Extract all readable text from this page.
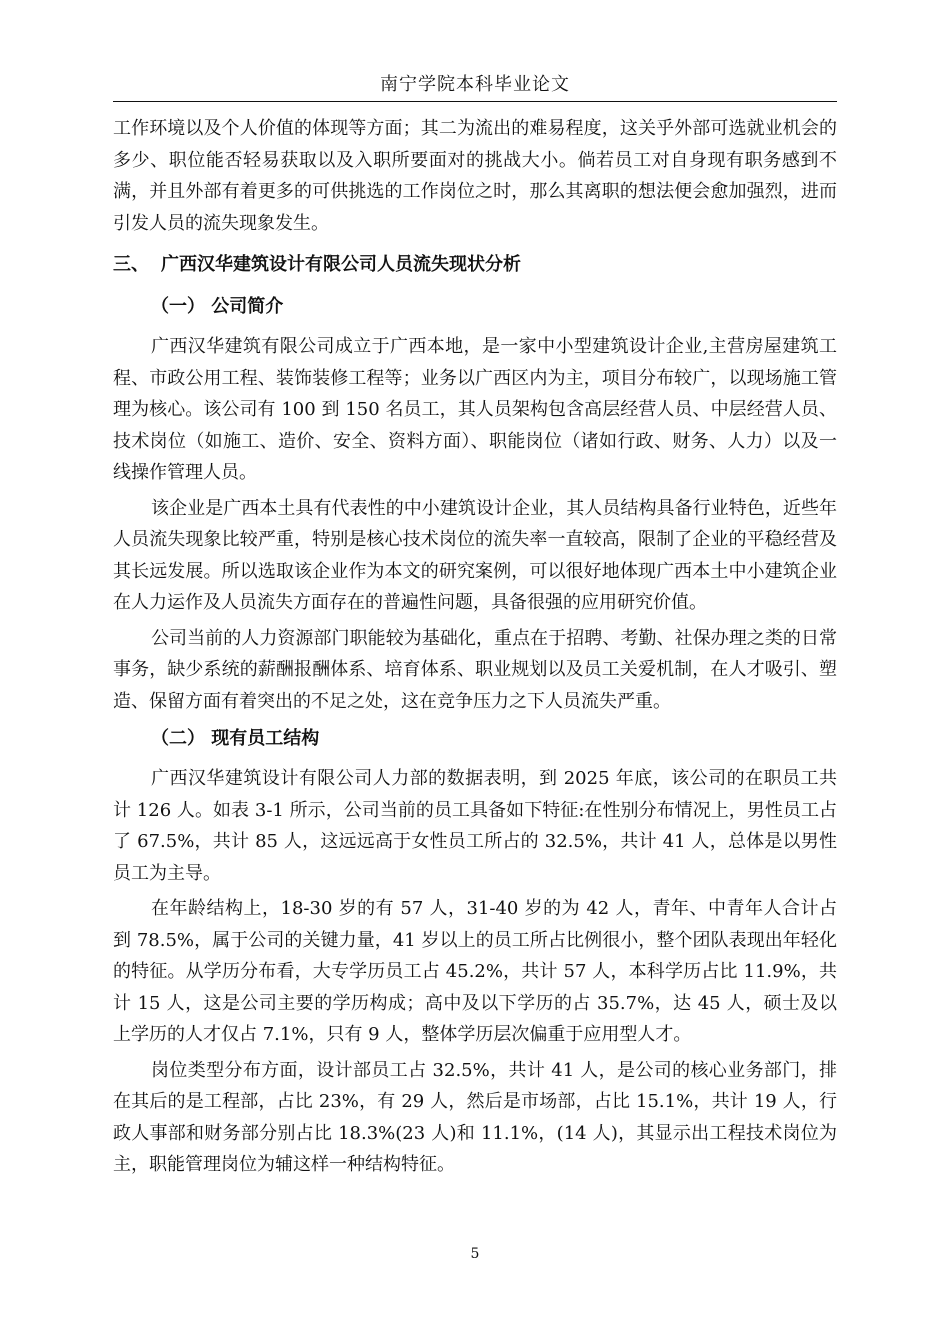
南宁学院本科毕业论文

工作环境以及个人价值的体现等方面；其二为流出的难易程度，这关乎外部可选就业机会的多少、职位能否轻易获取以及入职所要面对的挑战大小。倘若员工对自身现有职务感到不满，并且外部有着更多的可供挑选的工作岗位之时，那么其离职的想法便会愈加强烈，进而引发人员的流失现象发生。

三、 广西汉华建筑设计有限公司人员流失现状分析
（一） 公司简介

广西汉华建筑有限公司成立于广西本地，是一家中小型建筑设计企业,主营房屋建筑工程、市政公用工程、装饰装修工程等；业务以广西区内为主，项目分布较广，以现场施工管理为核心。该公司有 100 到 150 名员工，其人员架构包含高层经营人员、中层经营人员、技术岗位（如施工、造价、安全、资料方面）、职能岗位（诸如行政、财务、人力）以及一线操作管理人员。

该企业是广西本土具有代表性的中小建筑设计企业，其人员结构具备行业特色，近些年人员流失现象比较严重，特别是核心技术岗位的流失率一直较高，限制了企业的平稳经营及其长远发展。所以选取该企业作为本文的研究案例，可以很好地体现广西本土中小建筑企业在人力运作及人员流失方面存在的普遍性问题，具备很强的应用研究价值。

公司当前的人力资源部门职能较为基础化，重点在于招聘、考勤、社保办理之类的日常事务，缺少系统的薪酬报酬体系、培育体系、职业规划以及员工关爱机制，在人才吸引、塑造、保留方面有着突出的不足之处，这在竞争压力之下人员流失严重。

（二） 现有员工结构

广西汉华建筑设计有限公司人力部的数据表明，到 2025 年底，该公司的在职员工共计 126 人。如表 3-1 所示，公司当前的员工具备如下特征:在性别分布情况上，男性员工占了 67.5%，共计 85 人，这远远高于女性员工所占的 32.5%，共计 41 人，总体是以男性员工为主导。

在年龄结构上，18-30 岁的有 57 人，31-40 岁的为 42 人，青年、中青年人合计占到 78.5%，属于公司的关键力量，41 岁以上的员工所占比例很小，整个团队表现出年轻化的特征。从学历分布看，大专学历员工占 45.2%，共计 57 人，本科学历占比 11.9%，共计 15 人，这是公司主要的学历构成；高中及以下学历的占 35.7%，达 45 人，硕士及以上学历的人才仅占 7.1%，只有 9 人，整体学历层次偏重于应用型人才。

岗位类型分布方面，设计部员工占 32.5%，共计 41 人，是公司的核心业务部门，排在其后的是工程部，占比 23%，有 29 人，然后是市场部，占比 15.1%，共计 19 人，行政人事部和财务部分别占比 18.3%(23 人)和 11.1%，(14 人)，其显示出工程技术岗位为主，职能管理岗位为辅这样一种结构特征。

5
